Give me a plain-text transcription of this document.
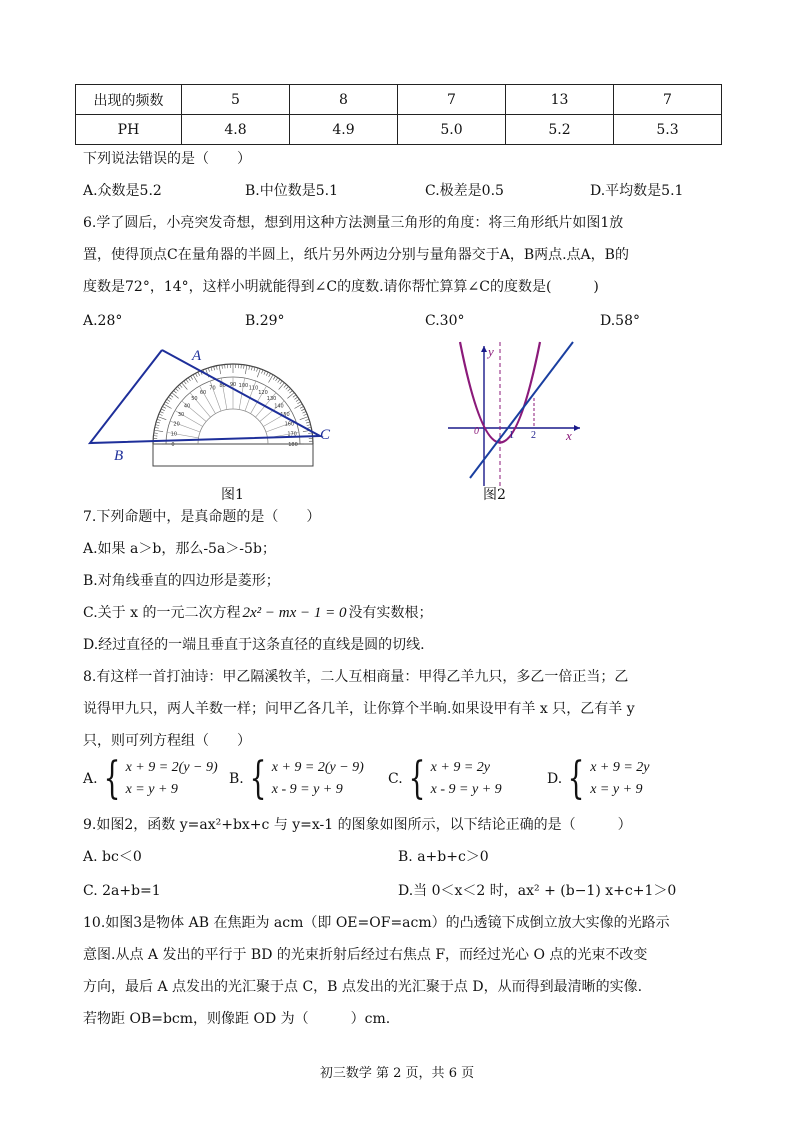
出现的频数	5	8	7	13	7
PH	4.8	4.9	5.0	5.2	5.3
下列说法错误的是（　　）
A.众数是5.2	B.中位数是5.1	C.极差是0.5	D.平均数是5.1
6.学了圆后，小亮突发奇想，想到用这种方法测量三角形的角度：将三角形纸片如图1放
置，使得顶点C在量角器的半圆上，纸片另外两边分别与量角器交于A，B两点.点A，B的
度数是72°，14°，这样小明就能得到∠C的度数.请你帮忙算算∠C的度数是(　　　)
A.28°	B.29°	C.30°	D.58°
0
10
20
30
40
50
60
70 80 90 100 110
120
130
140
150
160
170
180
A
B
C
图1
0	1 2 x
y
图2
7.下列命题中，是真命题的是（　　）
A.如果 a＞b，那么-5a＞-5b；
B.对角线垂直的四边形是菱形；
C.关于 x 的一元二次方程 2x² − mx − 1 = 0 没有实数根；
D.经过直径的一端且垂直于这条直径的直线是圆的切线.
8.有这样一首打油诗：甲乙隔溪牧羊，二人互相商量：甲得乙羊九只，多乙一倍正当；乙
说得甲九只，两人羊数一样；问甲乙各几羊，让你算个半晌.如果设甲有羊 x 只，乙有羊 y
只，则可列方程组（　　）
A. { x + 9 = 2(y − 9)
x = y + 9
B. { x + 9 = 2(y − 9)
x - 9 = y + 9
C. { x + 9 = 2y
x - 9 = y + 9
D. { x + 9 = 2y
x = y + 9
9.如图2，函数 y=ax²+bx+c 与 y=x-1 的图象如图所示，以下结论正确的是（　　　）
A. bc＜0	B. a+b+c＞0
C. 2a+b=1	D.当 0＜x＜2 时，ax² + (b−1) x+c+1＞0
10.如图3是物体 AB 在焦距为 acm（即 OE=OF=acm）的凸透镜下成倒立放大实像的光路示
意图.从点 A 发出的平行于 BD 的光束折射后经过右焦点 F，而经过光心 O 点的光束不改变
方向，最后 A 点发出的光汇聚于点 C，B 点发出的光汇聚于点 D，从而得到最清晰的实像.
若物距 OB=bcm，则像距 OD 为（　　　）cm.
初三数学 第 2 页，共 6 页
